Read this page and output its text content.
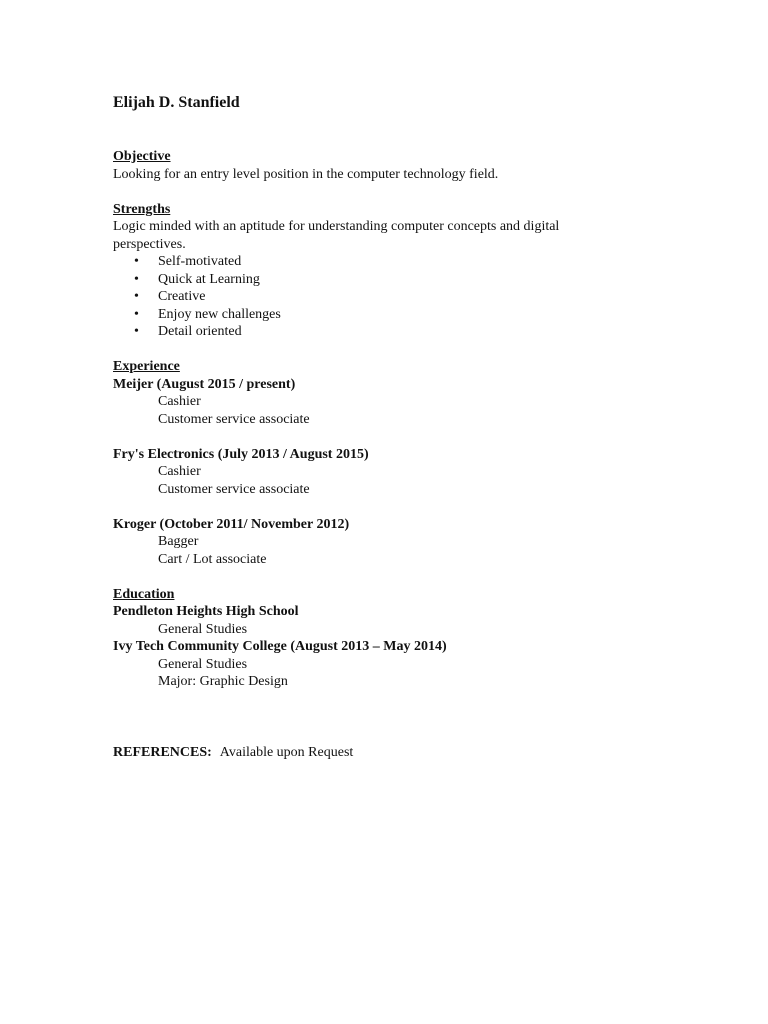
Elijah D. Stanfield

Objective

Looking for an entry level position in the computer technology field.

Strengths

Logic minded with an aptitude for understanding computer concepts and digital

perspectives.

• Self-motivated
• Quick at Learning
• Creative
• Enjoy new challenges
• Detail oriented

Experience

Meijer (August 2015 / present)

Cashier

Customer service associate

Fry's Electronics (July 2013 / August 2015)

Cashier

Customer service associate

Kroger (October 2011/ November 2012)

Bagger

Cart / Lot associate

Education

Pendleton Heights High School

General Studies

Ivy Tech Community College (August 2013 – May 2014)

General Studies

Major: Graphic Design

REFERENCES: Available upon Request
